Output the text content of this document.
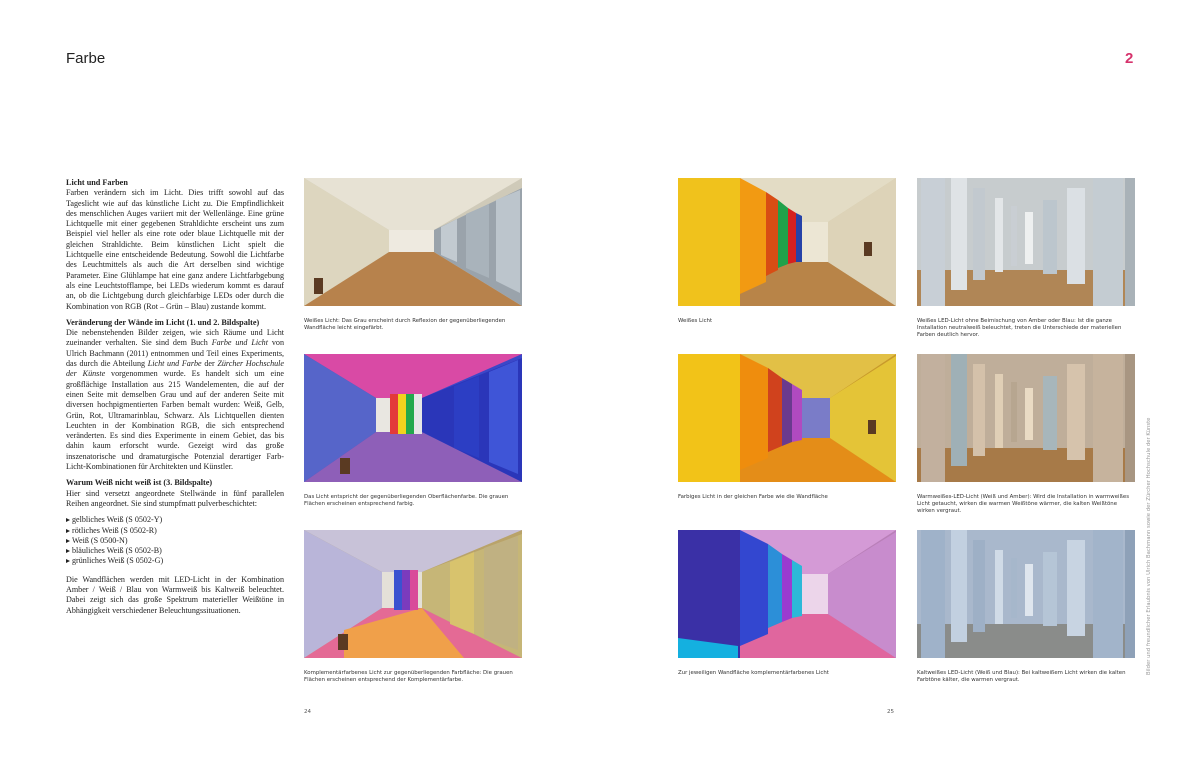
Farbe	2
Licht und Farben

Farben verändern sich im Licht. Dies trifft sowohl auf das Tageslicht wie auf das künstliche Licht zu. Die Empfindlichkeit des menschlichen Auges variiert mit der Wellenlänge. Eine grüne Lichtquelle mit einer gegebenen Strahldichte erscheint uns zum Beispiel viel heller als eine rote oder blaue Lichtquelle mit der gleichen Strahldichte. Beim künstlichen Licht spielt die Lichtquelle eine entscheidende Bedeutung. Sowohl die Lichtfarbe des Leuchtmittels als auch die Art derselben sind wichtige Parameter. Eine Glühlampe hat eine ganz andere Lichtfarbgebung als eine Leuchtstofflampe, bei LEDs wiederum kommt es darauf an, ob die Lichtgebung durch gleichfarbige LEDs oder durch die Kombination von RGB (Rot – Grün – Blau) zustande kommt.

Veränderung der Wände im Licht (1. und 2. Bildspalte)

Die nebenstehenden Bilder zeigen, wie sich Räume und Licht zueinander verhalten. Sie sind dem Buch Farbe und Licht von Ulrich Bachmann (2011) entnommen und Teil eines Experiments, das durch die Abteilung Licht und Farbe der Zürcher Hochschule der Künste vorgenommen wurde. Es handelt sich um eine großflächige Installation aus 215 Wandelementen, die auf der einen Seite mit demselben Grau und auf der anderen Seite mit diversen hochpigmentierten Farben bemalt wurden: Weiß, Gelb, Grün, Rot, Ultramarinblau, Schwarz. Als Lichtquellen dienten Leuchten in der Kombination RGB, die sich entsprechend veränderten. Es sind dies Experimente in einem Gebiet, das bis dahin kaum erforscht wurde. Gezeigt wird das große inszenatorische und dramaturgische Potenzial derartiger Farb-Licht-Kombinationen für Architekten und Künstler.

Warum Weiß nicht weiß ist (3. Bildspalte)

Hier sind versetzt angeordnete Stellwände in fünf parallelen Reihen angeordnet. Sie sind stumpfmatt pulverbeschichtet:

gelbliches Weiß (S 0502-Y)
rötliches Weiß (S 0502-R)
Weiß (S 0500-N)
bläuliches Weiß (S 0502-B)
grünliches Weiß (S 0502-G)

Die Wandflächen werden mit LED-Licht in der Kombination Amber / Weiß / Blau von Warmweiß bis Kaltweiß beleuchtet. Dabei zeigt sich das große Spektrum materieller Weißtöne in Abhängigkeit verschiedener Beleuchtungssituationen.

Weißes Licht: Das Grau erscheint durch Reflexion der gegenüberliegenden Wandfläche leicht eingefärbt.
Weißes Licht	Weißes LED-Licht ohne Beimischung von Amber oder Blau: Ist die ganze Installation neutralweiß beleuchtet, treten die Unterschiede der materiellen Farben deutlich hervor.
Das Licht entspricht der gegenüberliegenden Oberflächenfarbe. Die grauen Flächen erscheinen entsprechend farbig.
Farbiges Licht in der gleichen Farbe wie die Wandfläche	Warmweißes-LED-Licht (Weiß und Amber): Wird die Installation in warmweißes Licht getaucht, wirken die warmen Weißtöne wärmer, die kalten Weißtöne wirken vergraut.
Komplementärfarbenes Licht zur gegenüberliegenden Farbfläche: Die grauen Flächen erscheinen entsprechend der Komplementärfarbe.
Zur jeweiligen Wandfläche komplementärfarbenes Licht	Kaltweißes LED-Licht (Weiß und Blau): Bei kaltweißem Licht wirken die kalten Farbtöne kälter, die warmen vergraut.
24	25
Bilder und freundlicher Erlaubnis von Ulrich Bachmann sowie der Zürcher Hochschule der Künste
